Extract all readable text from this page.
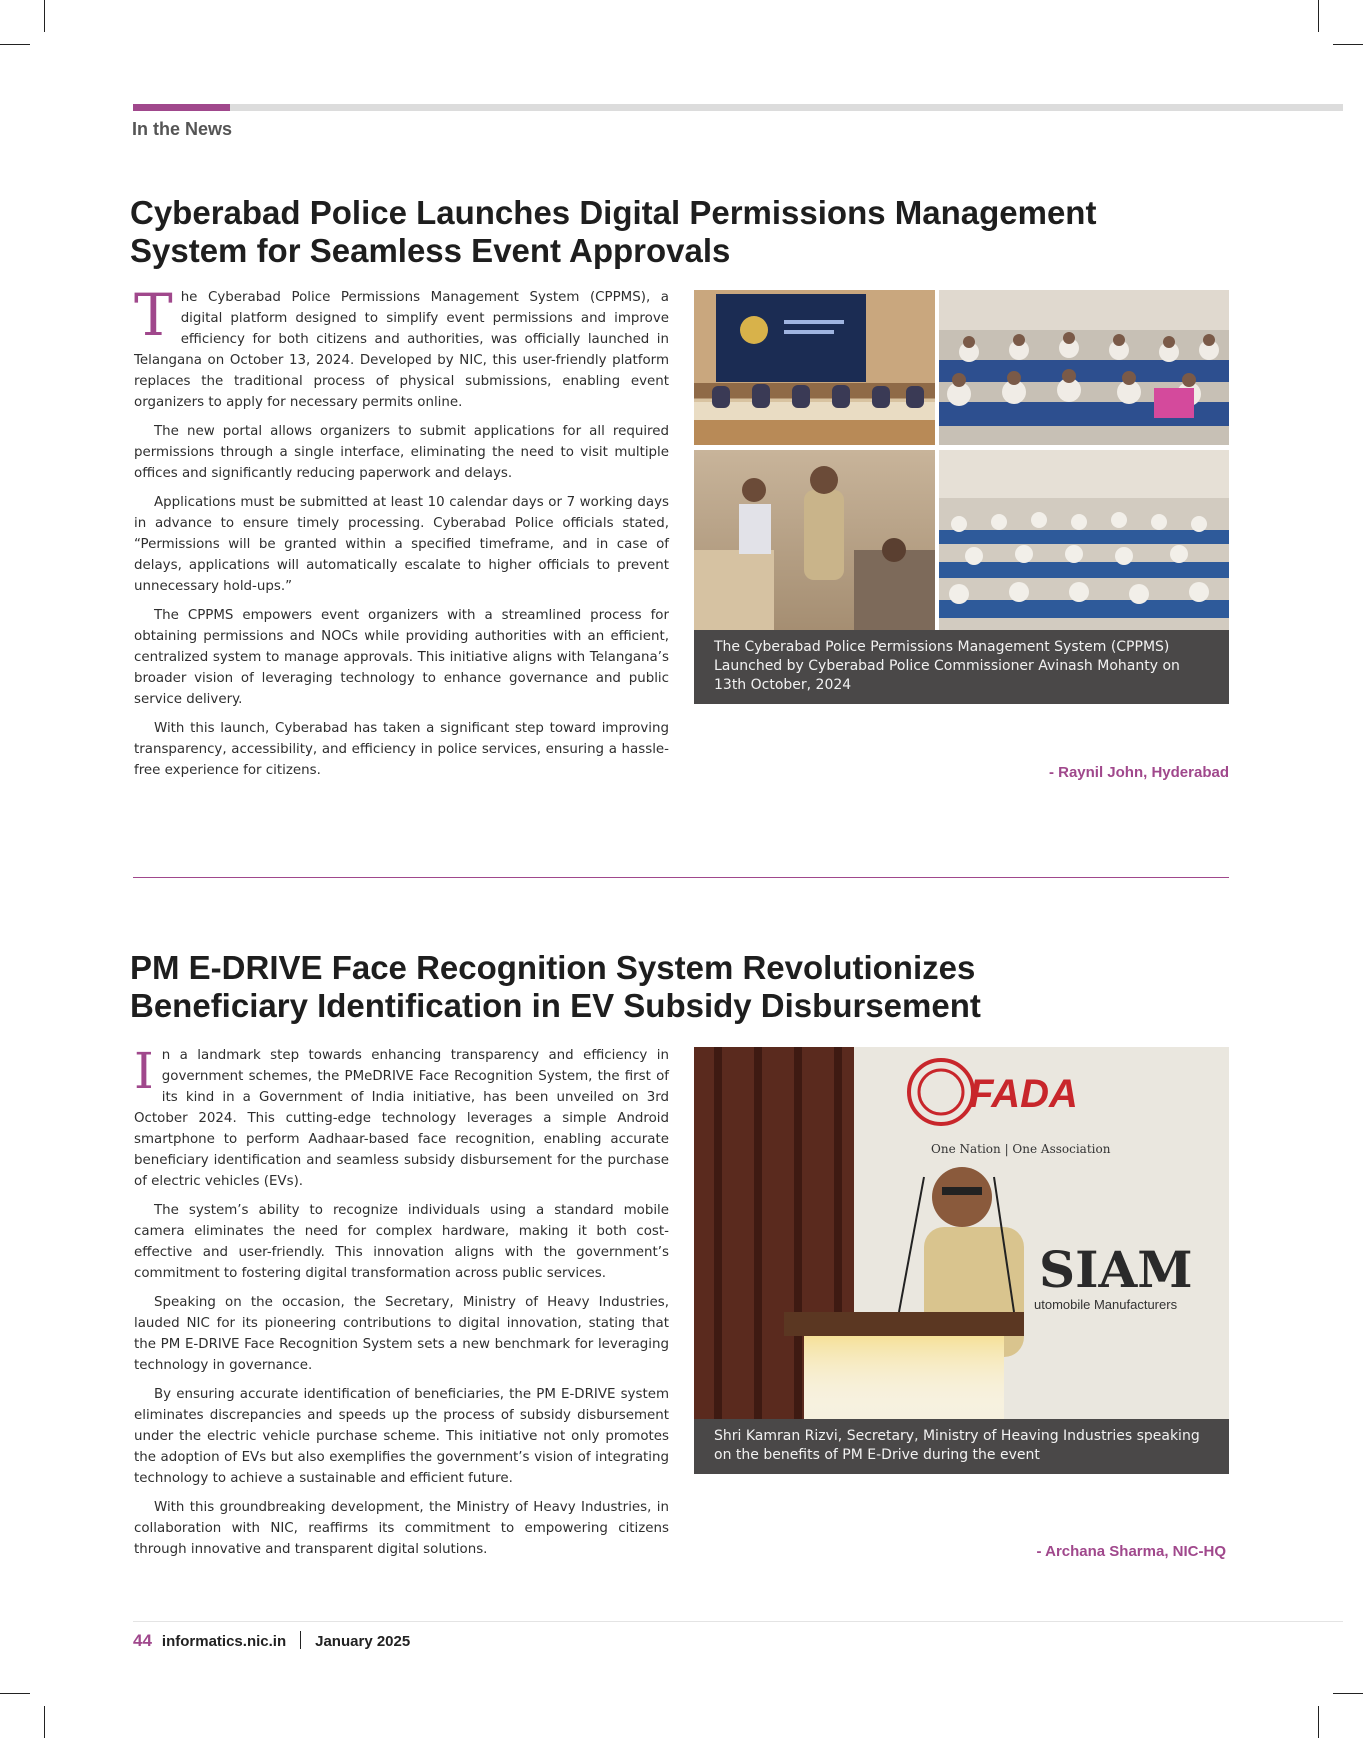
In the News
Cyberabad Police Launches Digital Permissions Management System for Seamless Event Approvals

The Cyberabad Police Permissions Management System (CPPMS), a digital platform designed to simplify event permissions and improve efficiency for both citizens and authorities, was officially launched in Telangana on October 13, 2024. Developed by NIC, this user-friendly platform replaces the traditional process of physical submissions, enabling event organizers to apply for necessary permits online.

The new portal allows organizers to submit applications for all required permissions through a single interface, eliminating the need to visit multiple offices and significantly reducing paperwork and delays.

Applications must be submitted at least 10 calendar days or 7 working days in advance to ensure timely processing. Cyberabad Police officials stated, “Permissions will be granted within a specified timeframe, and in case of delays, applications will automatically escalate to higher officials to prevent unnecessary hold-ups.”

The CPPMS empowers event organizers with a streamlined process for obtaining permissions and NOCs while providing authorities with an efficient, centralized system to manage approvals. This initiative aligns with Telangana’s broader vision of leveraging technology to enhance governance and public service delivery.

With this launch, Cyberabad has taken a significant step toward improving transparency, accessibility, and efficiency in police services, ensuring a hassle-free experience for citizens.

The Cyberabad Police Permissions Management System (CPPMS) Launched by Cyberabad Police Commissioner Avinash Mohanty on 13th October, 2024
- Raynil John, Hyderabad
PM E-DRIVE Face Recognition System Revolutionizes Beneficiary Identification in EV Subsidy Disbursement

In a landmark step towards enhancing transparency and efficiency in government schemes, the PMeDRIVE Face Recognition System, the first of its kind in a Government of India initiative, has been unveiled on 3rd October 2024. This cutting-edge technology leverages a simple Android smartphone to perform Aadhaar-based face recognition, enabling accurate beneficiary identification and seamless subsidy disbursement for the purchase of electric vehicles (EVs).

The system’s ability to recognize individuals using a standard mobile camera eliminates the need for complex hardware, making it both cost-effective and user-friendly. This innovation aligns with the government’s commitment to fostering digital transformation across public services.

Speaking on the occasion, the Secretary, Ministry of Heavy Industries, lauded NIC for its pioneering contributions to digital innovation, stating that the PM E-DRIVE Face Recognition System sets a new benchmark for leveraging technology in governance.

By ensuring accurate identification of beneficiaries, the PM E-DRIVE system eliminates discrepancies and speeds up the process of subsidy disbursement under the electric vehicle purchase scheme. This initiative not only promotes the adoption of EVs but also exemplifies the government’s vision of integrating technology to achieve a sustainable and efficient future.

With this groundbreaking development, the Ministry of Heavy Industries, in collaboration with NIC, reaffirms its commitment to empowering citizens through innovative and transparent digital solutions.

FADA
One Nation | One Association
SIAM
utomobile Manufacturers
Shri Kamran Rizvi, Secretary, Ministry of Heaving Industries speaking on the benefits of PM E-Drive during the event
- Archana Sharma, NIC-HQ
44 informatics.nic.in January 2025
